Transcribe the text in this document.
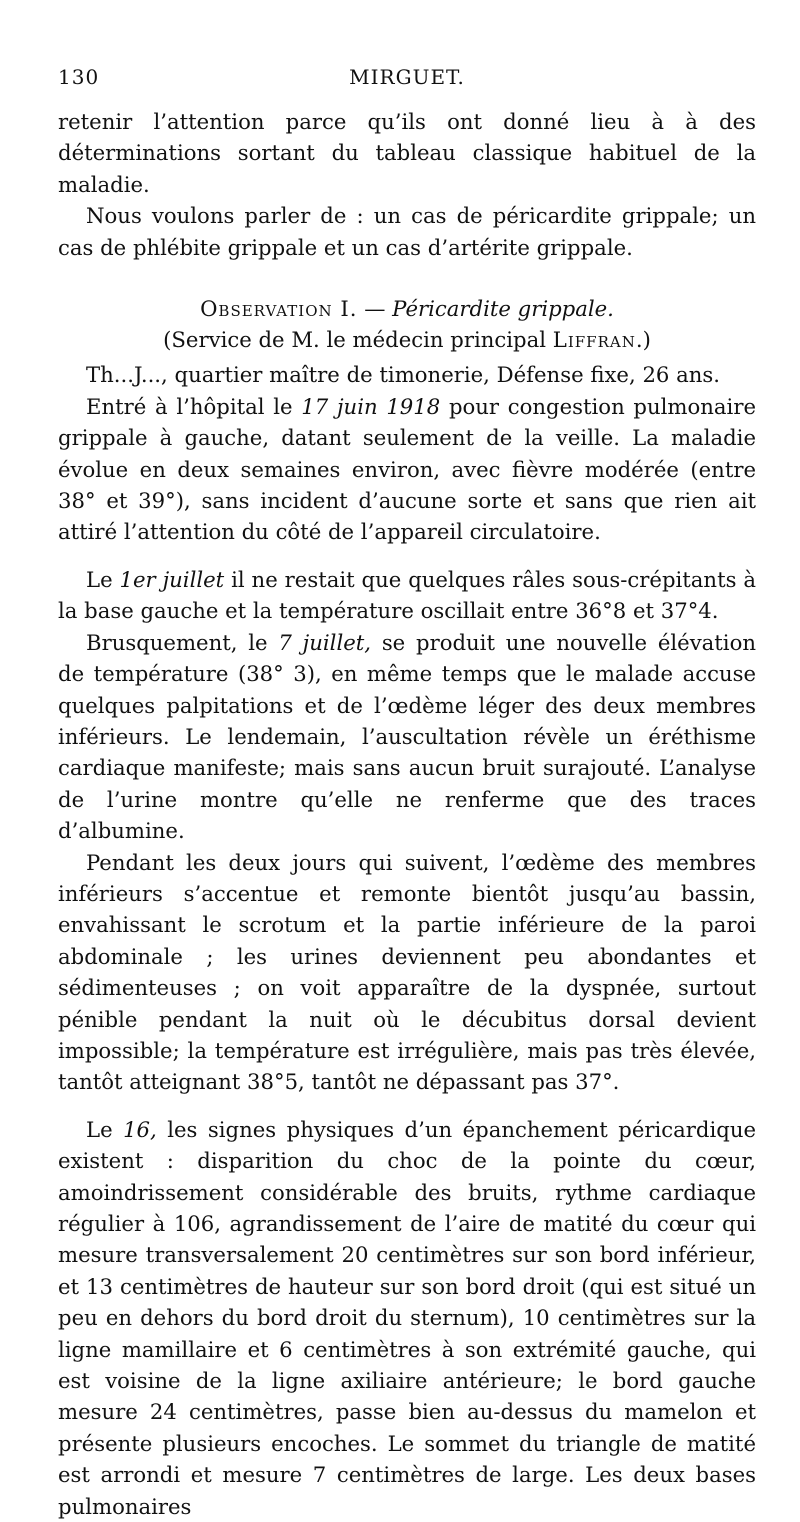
130	MIRGUET.

retenir l’attention parce qu’ils ont donné lieu à à des déterminations sortant du tableau classique habituel de la maladie.

Nous voulons parler de : un cas de péricardite grippale; un cas de phlébite grippale et un cas d’artérite grippale.

Observation I. — Péricardite grippale.
(Service de M. le médecin principal Liffran.)

Th...J..., quartier maître de timonerie, Défense fixe, 26 ans.

Entré à l’hôpital le 17 juin 1918 pour congestion pulmonaire grippale à gauche, datant seulement de la veille. La maladie évolue en deux semaines environ, avec fièvre modérée (entre 38° et 39°), sans incident d’aucune sorte et sans que rien ait attiré l’attention du côté de l’appareil circulatoire.

Le 1er juillet il ne restait que quelques râles sous-crépitants à la base gauche et la température oscillait entre 36°8 et 37°4.

Brusquement, le 7 juillet, se produit une nouvelle élévation de température (38° 3), en même temps que le malade accuse quelques palpitations et de l’œdème léger des deux membres inférieurs. Le lendemain, l’auscultation révèle un éréthisme cardiaque manifeste; mais sans aucun bruit surajouté. L’analyse de l’urine montre qu’elle ne renferme que des traces d’albumine.

Pendant les deux jours qui suivent, l’œdème des membres inférieurs s’accentue et remonte bientôt jusqu’au bassin, envahissant le scrotum et la partie inférieure de la paroi abdominale ; les urines deviennent peu abondantes et sédimenteuses ; on voit apparaître de la dyspnée, surtout pénible pendant la nuit où le décubitus dorsal devient impossible; la température est irrégulière, mais pas très élevée, tantôt atteignant 38°5, tantôt ne dépassant pas 37°.

Le 16, les signes physiques d’un épanchement péricardique existent : disparition du choc de la pointe du cœur, amoindrissement considérable des bruits, rythme cardiaque régulier à 106, agrandissement de l’aire de matité du cœur qui mesure transversalement 20 centimètres sur son bord inférieur, et 13 centimètres de hauteur sur son bord droit (qui est situé un peu en dehors du bord droit du sternum), 10 centimètres sur la ligne mamillaire et 6 centimètres à son extrémité gauche, qui est voisine de la ligne axiliaire antérieure; le bord gauche mesure 24 centimètres, passe bien au-dessus du mamelon et présente plusieurs encoches. Le sommet du triangle de matité est arrondi et mesure 7 centimètres de large. Les deux bases pulmonaires
